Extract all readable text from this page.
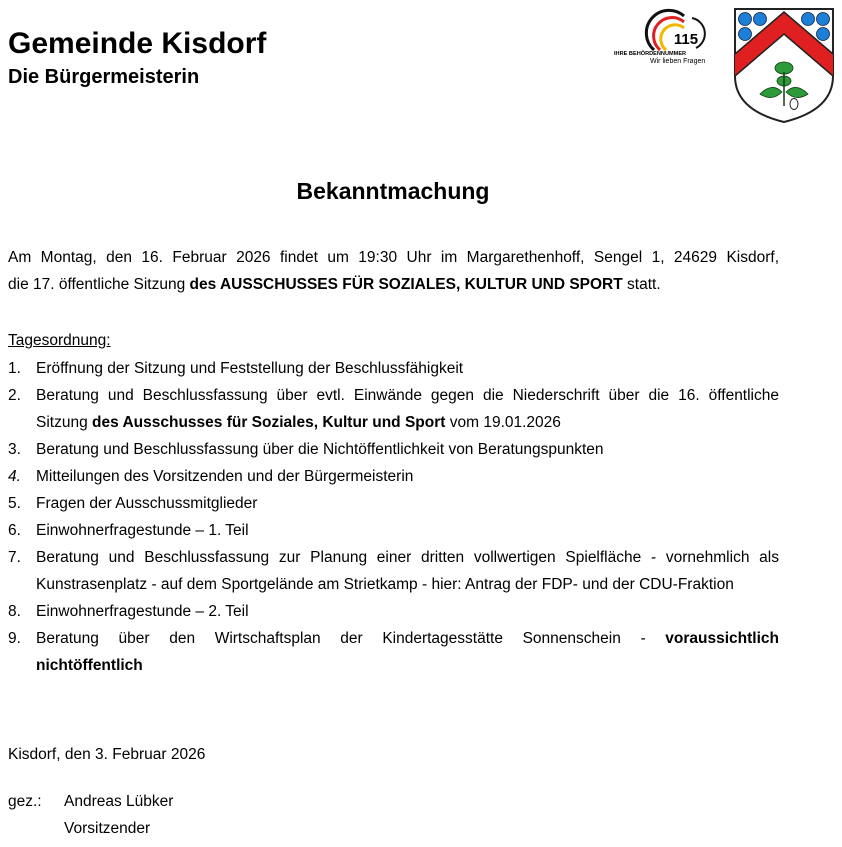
Gemeinde Kisdorf
Die Bürgermeisterin
115
IHRE BEHÖRDENNUMMER
Wir lieben Fragen
Bekanntmachung
Am Montag, den 16. Februar 2026 findet um 19:30 Uhr im Margarethenhoff, Sengel 1, 24629 Kisdorf,
die 17. öffentliche Sitzung des AUSSCHUSSES FÜR SOZIALES, KULTUR UND SPORT statt.
Tagesordnung:
1. Eröffnung der Sitzung und Feststellung der Beschlussfähigkeit
2. Beratung und Beschlussfassung über evtl. Einwände gegen die Niederschrift über die 16. öffentliche
Sitzung des Ausschusses für Soziales, Kultur und Sport vom 19.01.2026
3. Beratung und Beschlussfassung über die Nichtöffentlichkeit von Beratungspunkten
4. Mitteilungen des Vorsitzenden und der Bürgermeisterin
5. Fragen der Ausschussmitglieder
6. Einwohnerfragestunde – 1. Teil
7. Beratung und Beschlussfassung zur Planung einer dritten vollwertigen Spielfläche - vornehmlich als
Kunstrasenplatz - auf dem Sportgelände am Strietkamp - hier: Antrag der FDP- und der CDU-Fraktion
8. Einwohnerfragestunde – 2. Teil
9. Beratung über den Wirtschaftsplan der Kindertagesstätte Sonnenschein - voraussichtlich
nichtöffentlich
Kisdorf, den 3. Februar 2026
gez.: Andreas Lübker
Vorsitzender
